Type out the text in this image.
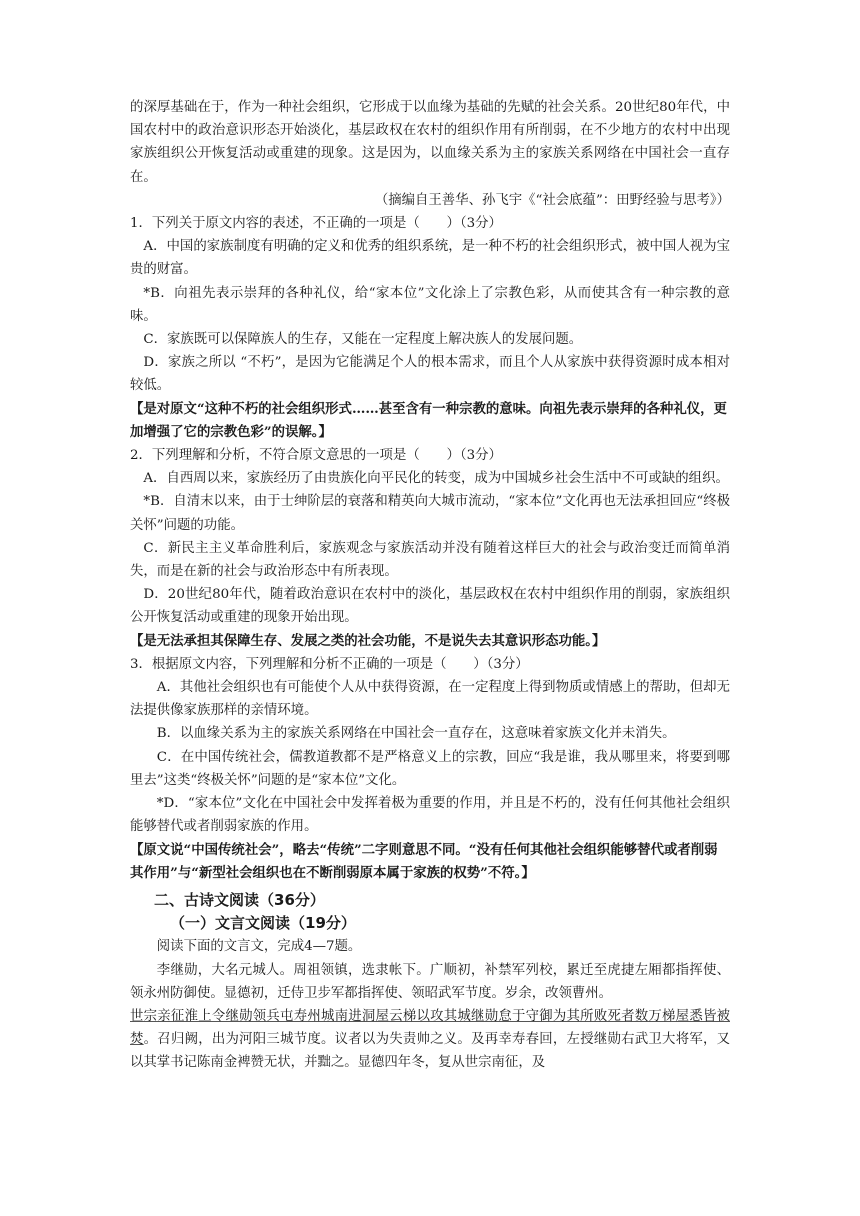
的深厚基础在于，作为一种社会组织，它形成于以血缘为基础的先赋的社会关系。20世纪80年代，中国农村中的政治意识形态开始淡化，基层政权在农村的组织作用有所削弱，在不少地方的农村中出现家族组织公开恢复活动或重建的现象。这是因为，以血缘关系为主的家族关系网络在中国社会一直存在。

（摘编自王善华、孙飞宇《“社会底蕴”：田野经验与思考》）

1．下列关于原文内容的表述，不正确的一项是（　　）（3分）

A．中国的家族制度有明确的定义和优秀的组织系统，是一种不朽的社会组织形式，被中国人视为宝贵的财富。

*B．向祖先表示崇拜的各种礼仪，给“家本位”文化涂上了宗教色彩，从而使其含有一种宗教的意味。

C．家族既可以保障族人的生存，又能在一定程度上解决族人的发展问题。

D．家族之所以 “不朽”，是因为它能满足个人的根本需求，而且个人从家族中获得资源时成本相对较低。

【是对原文“这种不朽的社会组织形式……甚至含有一种宗教的意味。向祖先表示崇拜的各种礼仪，更加增强了它的宗教色彩”的误解。】

2．下列理解和分析，不符合原文意思的一项是（　　）（3分）

A．自西周以来，家族经历了由贵族化向平民化的转变，成为中国城乡社会生活中不可或缺的组织。

*B．自清末以来，由于士绅阶层的衰落和精英向大城市流动，“家本位”文化再也无法承担回应“终极关怀”问题的功能。

C．新民主主义革命胜利后，家族观念与家族活动并没有随着这样巨大的社会与政治变迁而简单消失，而是在新的社会与政治形态中有所表现。

D．20世纪80年代，随着政治意识在农村中的淡化，基层政权在农村中组织作用的削弱，家族组织公开恢复活动或重建的现象开始出现。

【是无法承担其保障生存、发展之类的社会功能，不是说失去其意识形态功能。】

3．根据原文内容，下列理解和分析不正确的一项是（　　）（3分）

A．其他社会组织也有可能使个人从中获得资源，在一定程度上得到物质或情感上的帮助，但却无法提供像家族那样的亲情环境。

B．以血缘关系为主的家族关系网络在中国社会一直存在，这意味着家族文化并未消失。

C．在中国传统社会，儒教道教都不是严格意义上的宗教，回应“我是谁，我从哪里来，将要到哪里去”这类“终极关怀”问题的是“家本位”文化。

*D．“家本位”文化在中国社会中发挥着极为重要的作用，并且是不朽的，没有任何其他社会组织能够替代或者削弱家族的作用。

【原文说“中国传统社会”，略去“传统”二字则意思不同。“没有任何其他社会组织能够替代或者削弱其作用”与“新型社会组织也在不断削弱原本属于家族的权势”不符。】

二、古诗文阅读（36分）

（一）文言文阅读（19分）

阅读下面的文言文，完成4—7题。

李继勋，大名元城人。周祖领镇，选隶帐下。广顺初，补禁军列校，累迁至虎捷左厢都指挥使、领永州防御使。显德初，迁侍卫步军都指挥使、领昭武军节度。岁余，改领曹州。

世宗亲征淮上令继勋领兵屯寿州城南进洞屋云梯以攻其城继勋怠于守御为其所败死者数万梯屋悉皆被焚。召归阙，出为河阳三城节度。议者以为失责帅之义。及再幸寿春回，左授继勋右武卫大将军，又以其掌书记陈南金裨赞无状，并黜之。显德四年冬，复从世宗南征，及
